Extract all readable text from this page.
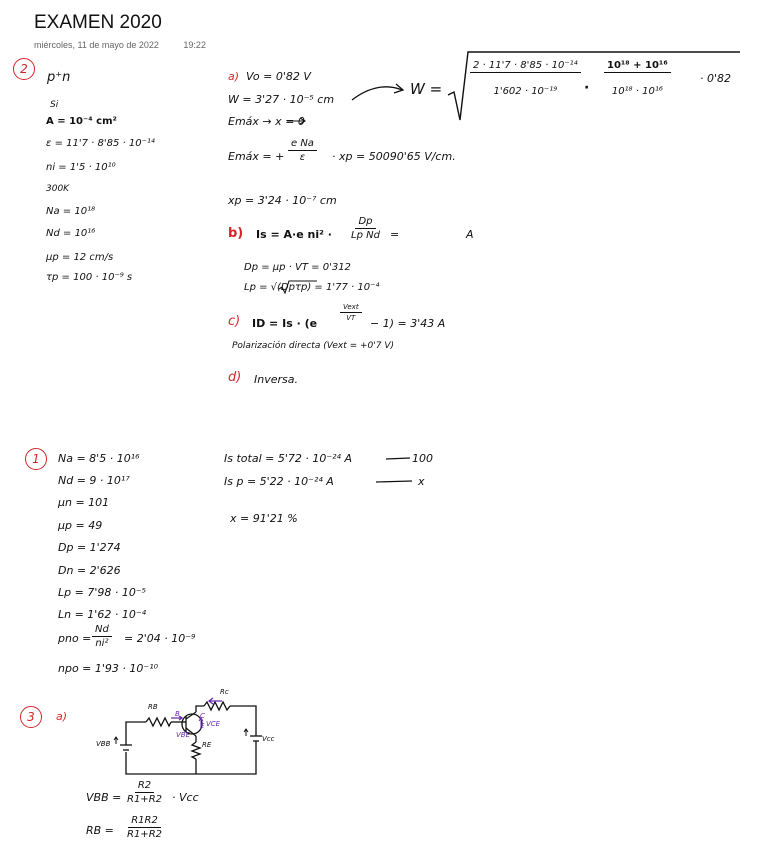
EXAMEN 2020
miércoles, 11 de mayo de 2022	19:22
2
p⁺n
Si
A = 10⁻⁴ cm²
ε = 11'7 · 8'85 · 10⁻¹⁴
ni = 1'5 · 10¹⁰
300K
Na = 10¹⁸
Nd = 10¹⁶
μp = 12 cm/s
τp = 100 · 10⁻⁹ s
a) Vo = 0'82 V
W = 3'27 · 10⁻⁵ cm
Emáx → x = 0
W =	$\frac{\text{2 · 11'7 · 8'85 · 10⁻¹⁴}}{\text{1'602 · 10⁻¹⁹}} \cdot \frac{\text{10¹⁸ + 10¹⁶}}{\text{10¹⁸ · 10¹⁶}}$	· 0'82
Emáx = + $\frac{\text{e Na}}{\varepsilon}$ · xp = 50090'65 V/cm.
xp = 3'24 · 10⁻⁷ cm
b) Is = A·e $ni^2 \cdot \frac{Dp}{\text{Lp Nd}}$ =	A
Dp = μp · VT = 0'312
Lp = √(Dpτp) = 1'77 · 10⁻⁴
c) ID = Is · (e
Vext
VT − 1) = 3'43 A
Polarización directa (Vext = +0'7 V)
d) Inversa.
1	Na = 8'5 · 10¹⁶
Nd = 9 · 10¹⁷
μn = 101
μp = 49
Dp = 1'274
Dn = 2'626
Lp = 7'98 · 10⁻⁵
Ln = 1'62 · 10⁻⁴
pno = $\frac{Nd}{\text{ni²}} = 2'04 \cdot 10^{-9}$
npo = 1'93 · 10⁻¹⁰
Is total = 5'72 · 10⁻²⁴ A	100
Is p = 5'22 · 10⁻²⁴ A	x
x = 91'21 %
3	a)
RB
Rc
RE
VBB
Vcc
B	C
E
VBE
VCE
VBB = $\frac{R2}{R1+R2}$ · Vcc
RB = $\frac{R1R2}{R1+R2}$
